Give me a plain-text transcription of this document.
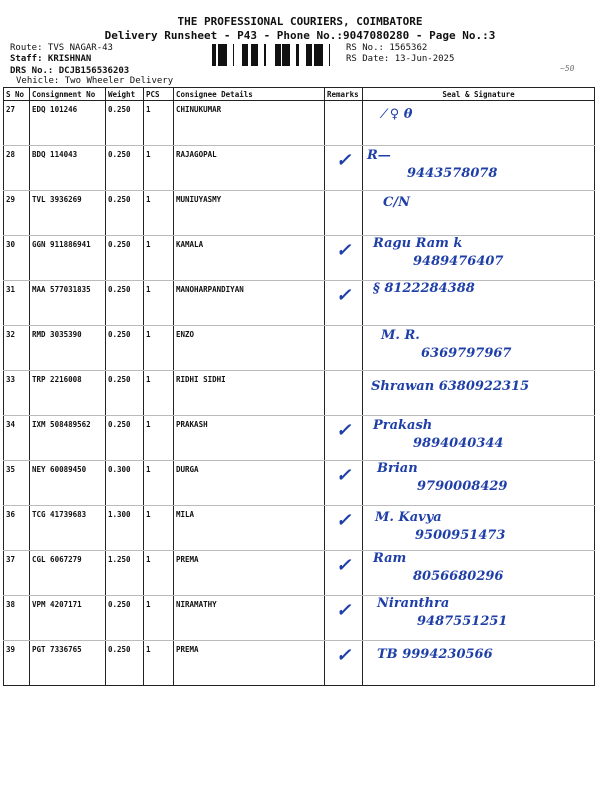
THE PROFESSIONAL COURIERS, COIMBATORE
Delivery Runsheet - P43 - Phone No.:9047080280 - Page No.:3
Route: TVS NAGAR-43
Staff: KRISHNAN
DRS No.: DCJB156536203
Vehicle: Two Wheeler Delivery
RS No.: 1565362
RS Date: 13-Jun-2025
~50
S No	Consignment No	Weight	PCS	Consignee Details	Remarks	Seal & Signature
27	EDQ 101246	0.250	1	CHINUKUMAR		⁄ ♀ θ

28	BDQ 114043	0.250	1	RAJAGOPAL	✓	R—
9443578078

29	TVL 3936269	0.250	1	MUNIUYASMY		C/N

30	GGN 911886941	0.250	1	KAMALA	✓	Ragu Ram k
9489476407

31	MAA 577031835	0.250	1	MANOHARPANDIYAN	✓	§ 8122284388

32	RMD 3035390	0.250	1	ENZO		M. R.
6369797967

33	TRP 2216008	0.250	1	RIDHI SIDHI		Shrawan 6380922315

34	IXM 508489562	0.250	1	PRAKASH	✓	Prakash
9894040344

35	NEY 60089450	0.300	1	DURGA	✓	Brian
9790008429

36	TCG 41739683	1.300	1	MILA	✓	M. Kavya
9500951473

37	CGL 6067279	1.250	1	PREMA	✓	Ram
8056680296

38	VPM 4207171	0.250	1	NIRAMATHY	✓	Niranthra
9487551251

39	PGT 7336765	0.250	1	PREMA	✓	TB 9994230566
